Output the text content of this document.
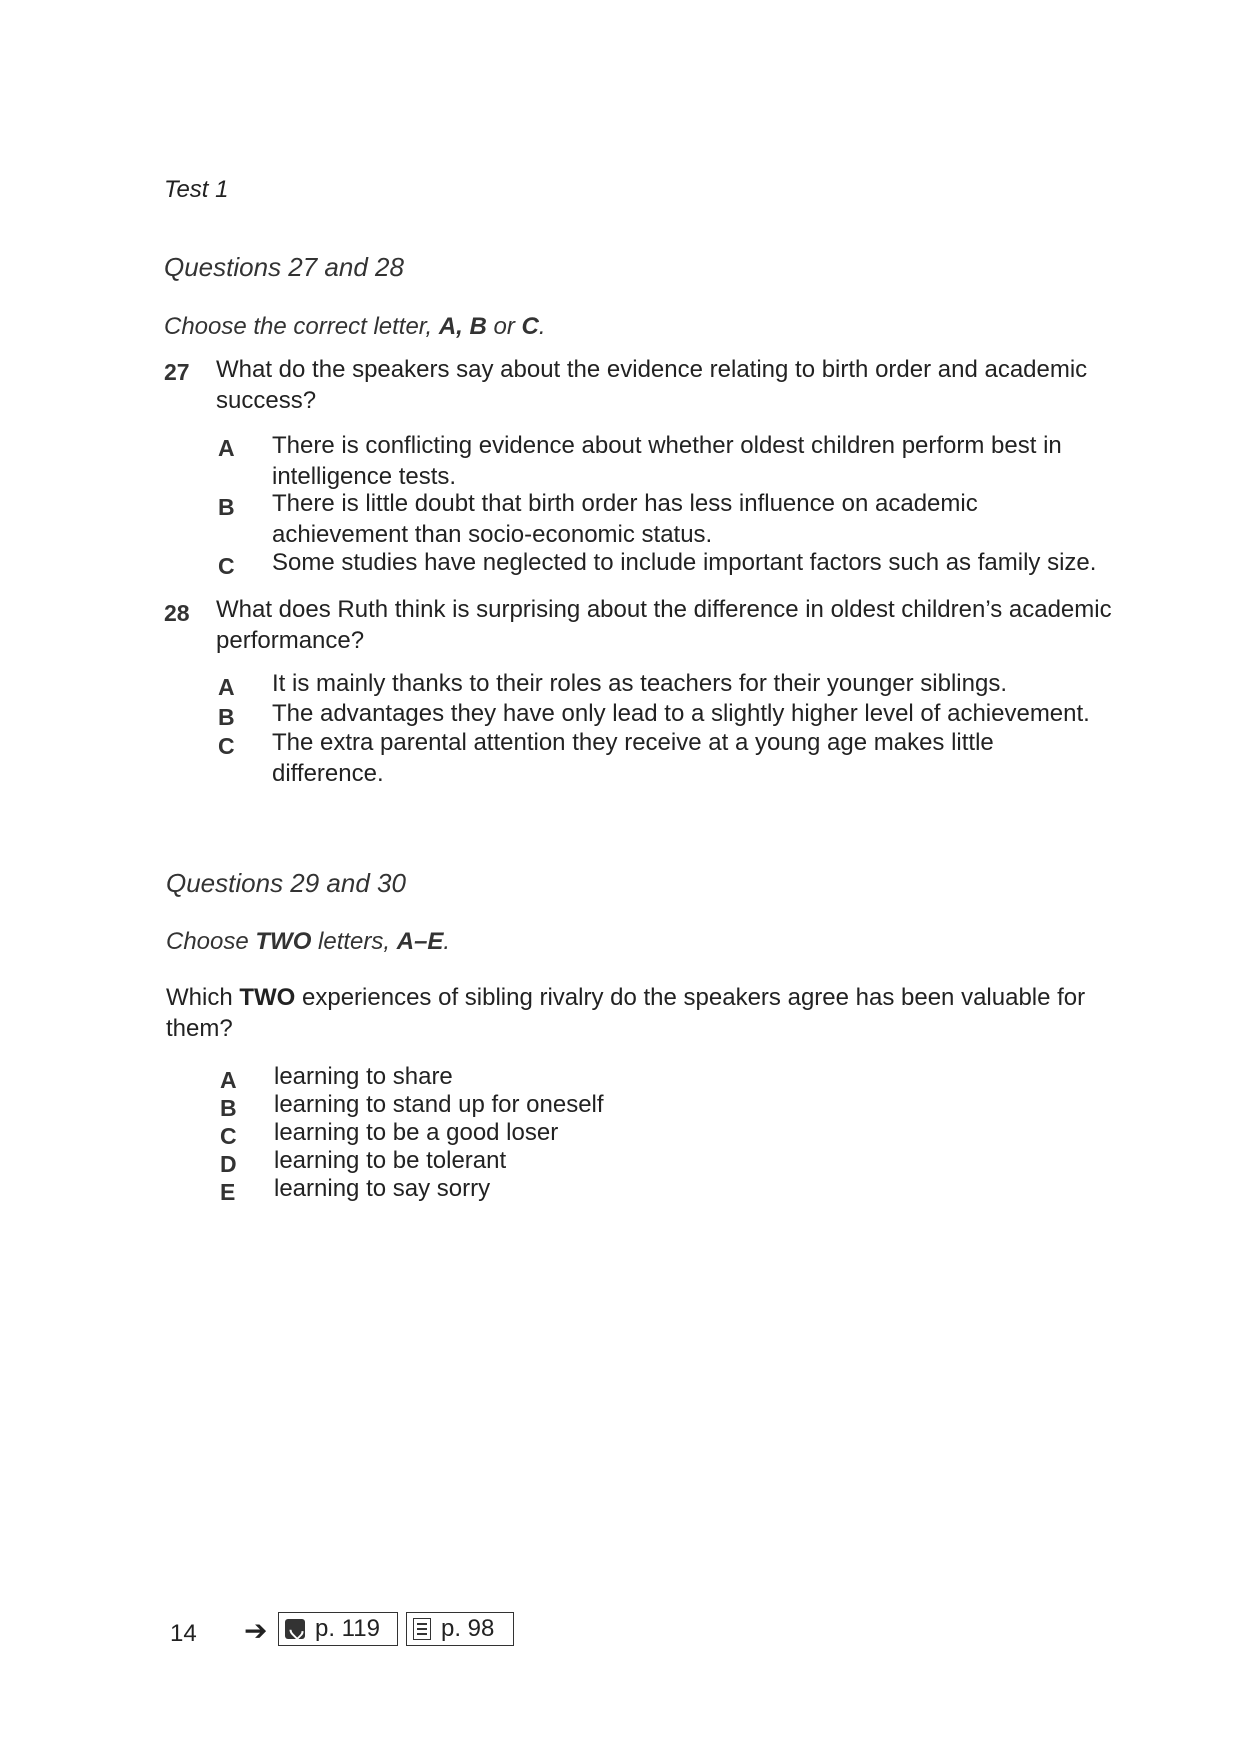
Test 1
Questions 27 and 28
Choose the correct letter, A, B or C.
27 What do the speakers say about the evidence relating to birth order and academic success?
A There is conflicting evidence about whether oldest children perform best in intelligence tests.
B There is little doubt that birth order has less influence on academic achievement than socio-economic status.
C Some studies have neglected to include important factors such as family size.
28 What does Ruth think is surprising about the difference in oldest children’s academic performance?
A It is mainly thanks to their roles as teachers for their younger siblings.
B The advantages they have only lead to a slightly higher level of achievement.
C The extra parental attention they receive at a young age makes little difference.
Questions 29 and 30
Choose TWO letters, A–E.
Which TWO experiences of sibling rivalry do the speakers agree has been valuable for them?
A learning to share
B learning to stand up for oneself
C learning to be a good loser
D learning to be tolerant
E learning to say sorry
14 ➔ p. 119	p. 98
